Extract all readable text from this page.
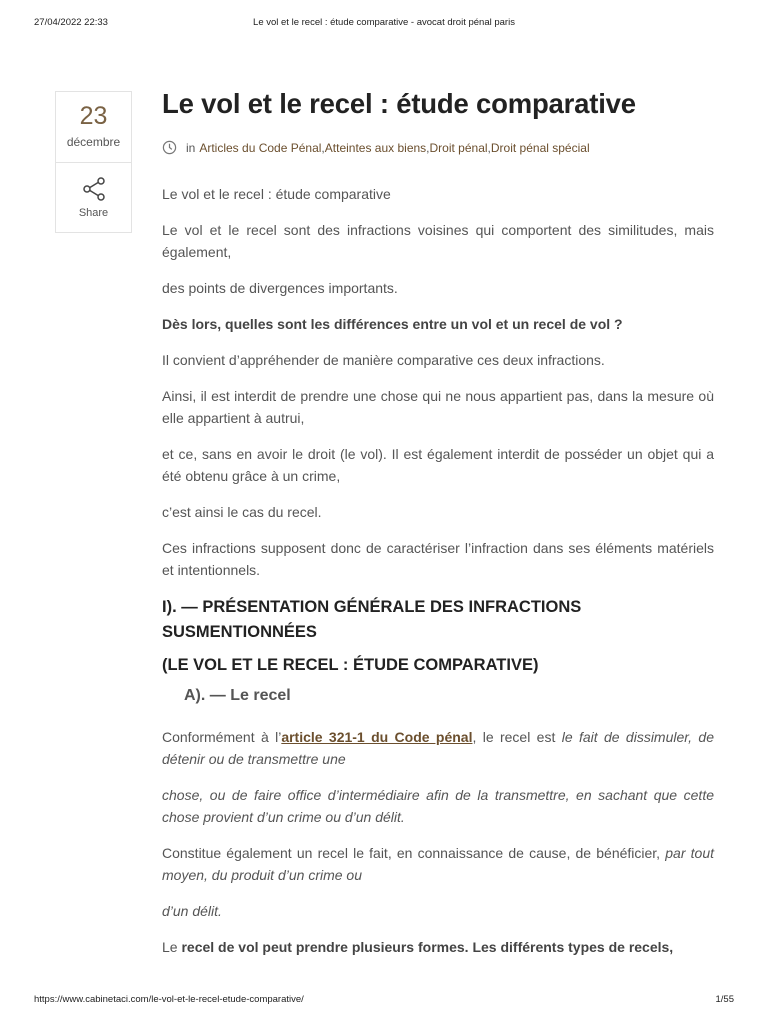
27/04/2022 22:33	Le vol et le recel : étude comparative - avocat droit pénal paris
23
décembre
Share
Le vol et le recel : étude comparative
in Articles du Code Pénal , Atteintes aux biens , Droit pénal , Droit pénal spécial

Le vol et le recel : étude comparative

Le vol et le recel sont des infractions voisines qui comportent des similitudes, mais également,

des points de divergences importants.

Dès lors, quelles sont les différences entre un vol et un recel de vol ?

Il convient d’appréhender de manière comparative ces deux infractions.

Ainsi, il est interdit de prendre une chose qui ne nous appartient pas, dans la mesure où elle appartient à autrui,

et ce, sans en avoir le droit (le vol). Il est également interdit de posséder un objet qui a été obtenu grâce à un crime,

c’est ainsi le cas du recel.

Ces infractions supposent donc de caractériser l’infraction dans ses éléments matériels et intentionnels.

I). — PRÉSENTATION GÉNÉRALE DES INFRACTIONS SUSMENTIONNÉES
(LE VOL ET LE RECEL : ÉTUDE COMPARATIVE)
A). — Le recel

Conformément à l’article 321-1 du Code pénal, le recel est le fait de dissimuler, de détenir ou de transmettre une

chose, ou de faire office d’intermédiaire afin de la transmettre, en sachant que cette chose provient d’un crime ou d’un délit.

Constitue également un recel le fait, en connaissance de cause, de bénéficier, par tout moyen, du produit d’un crime ou

d’un délit.

Le recel de vol peut prendre plusieurs formes. Les différents types de recels,

https://www.cabinetaci.com/le-vol-et-le-recel-etude-comparative/	1/55
